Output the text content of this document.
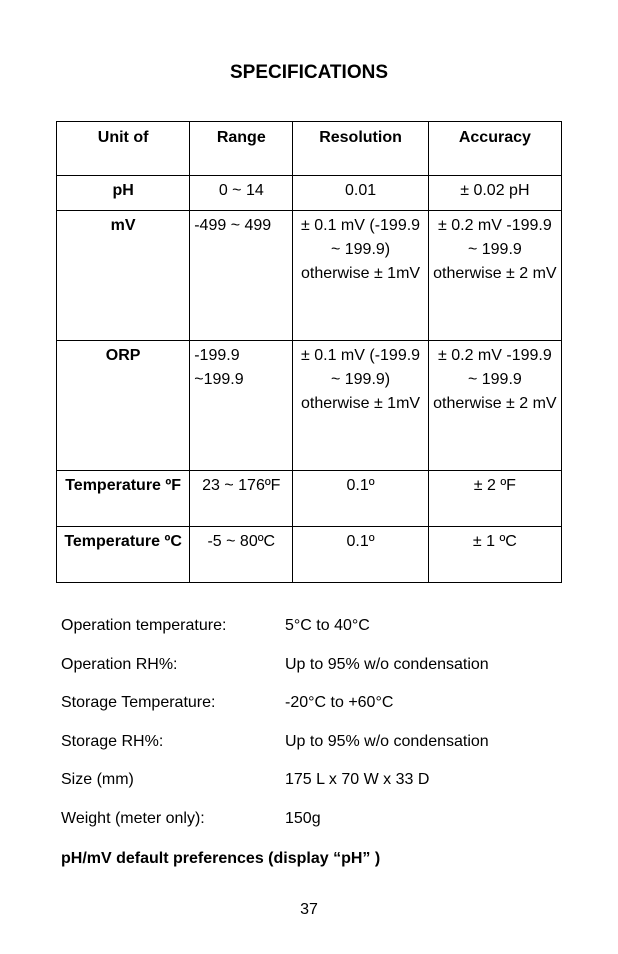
SPECIFICATIONS
Unit of	Range	Resolution	Accuracy
pH	0 ~ 14	0.01	± 0.02 pH
mV	-499 ~ 499	± 0.1 mV (-199.9 ~ 199.9) otherwise ± 1mV	± 0.2 mV -199.9 ~ 199.9 otherwise ± 2 mV
ORP	-199.9 ~199.9	± 0.1 mV (-199.9 ~ 199.9) otherwise ± 1mV	± 0.2 mV -199.9 ~ 199.9 otherwise ± 2 mV
Temperature ºF	23 ~ 176ºF	0.1º	± 2 ºF
Temperature ºC	-5 ~ 80ºC	0.1º	± 1 ºC
Operation temperature:	5°C to 40°C
Operation RH%:	Up to 95% w/o condensation
Storage Temperature:	-20°C to +60°C
Storage RH%:	Up to 95% w/o condensation
Size (mm)	175 L x 70 W x 33 D
Weight (meter only):	150g
pH/mV default preferences (display “pH” )
37
